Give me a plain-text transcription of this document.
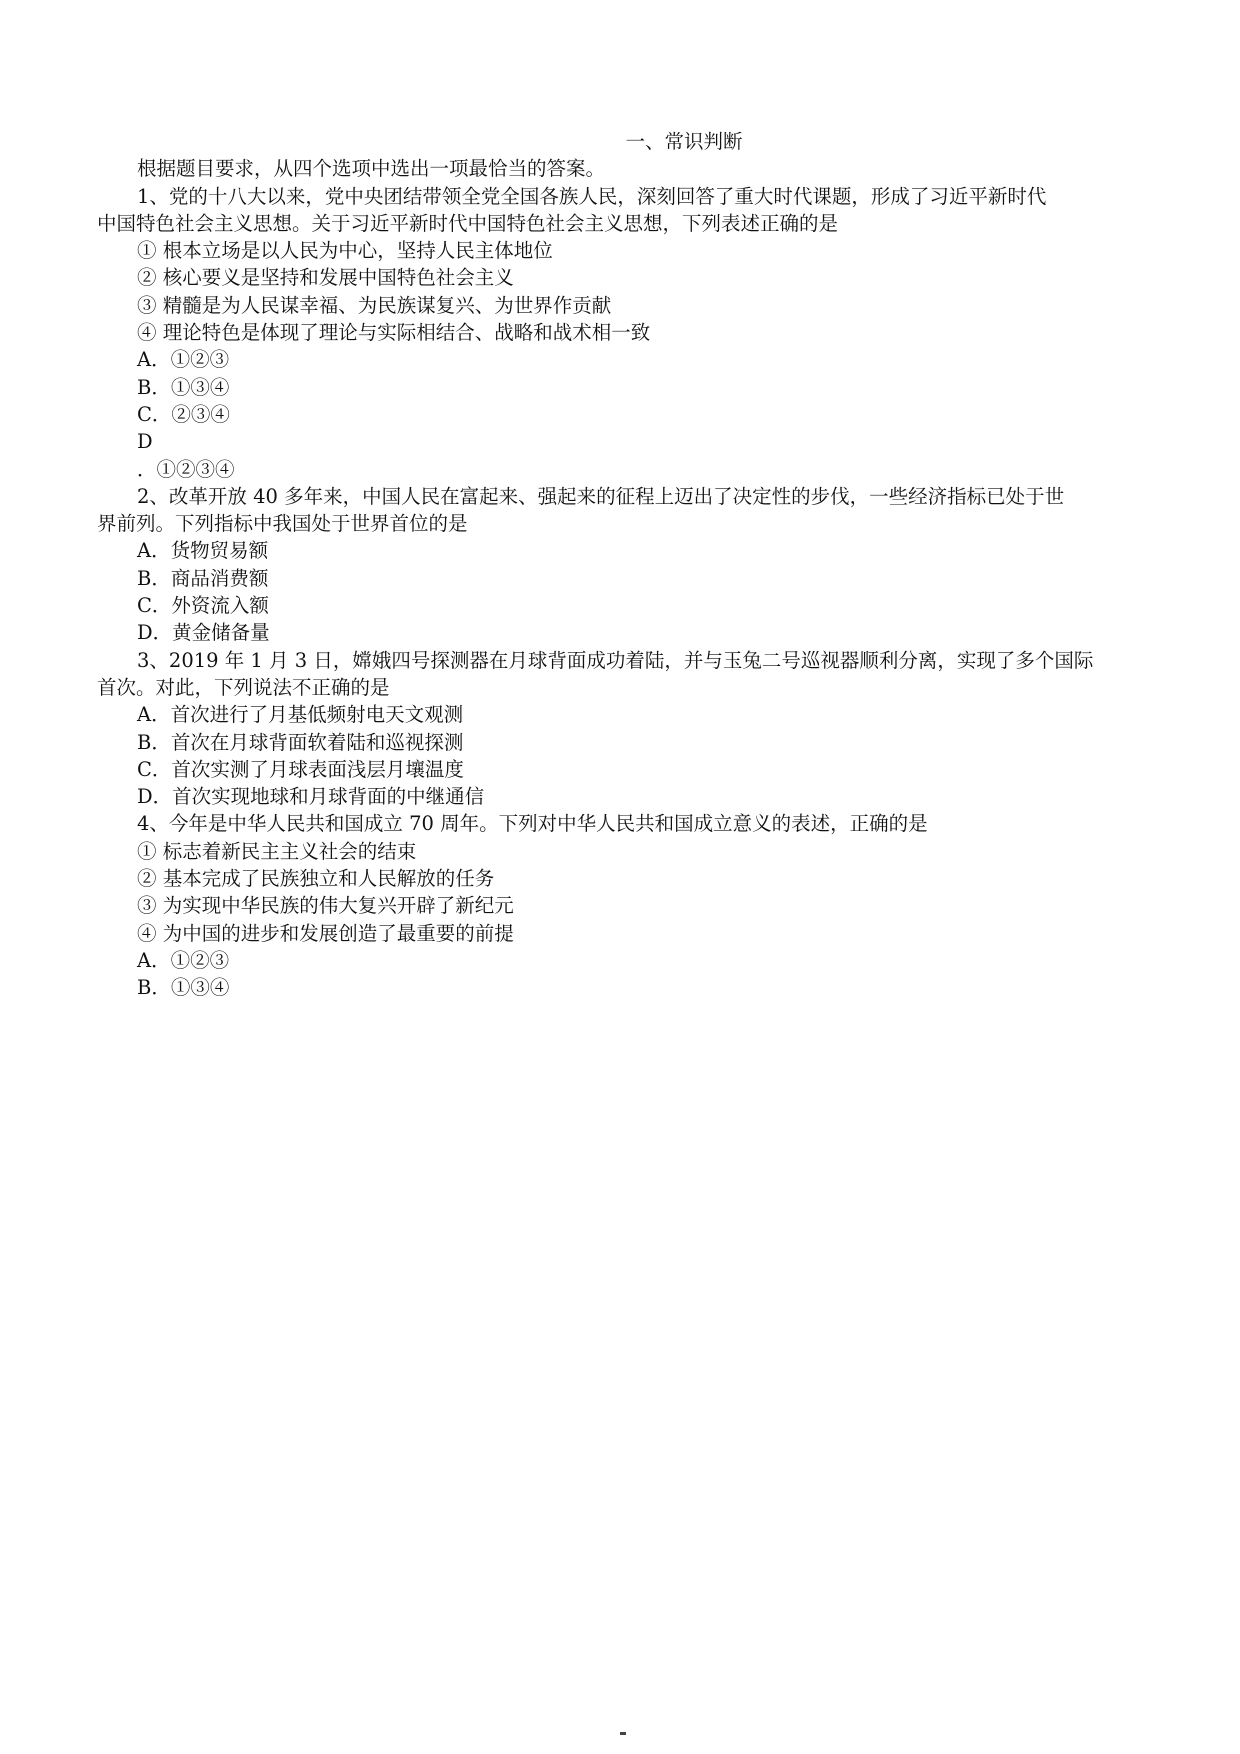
一、常识判断
根据题目要求，从四个选项中选出一项最恰当的答案。
1、党的十八大以来，党中央团结带领全党全国各族人民，深刻回答了重大时代课题，形成了习近平新时代
中国特色社会主义思想。关于习近平新时代中国特色社会主义思想，下列表述正确的是
① 根本立场是以人民为中心，坚持人民主体地位
② 核心要义是坚持和发展中国特色社会主义
③ 精髓是为人民谋幸福、为民族谋复兴、为世界作贡献
④ 理论特色是体现了理论与实际相结合、战略和战术相一致
A．①②③
B．①③④
C．②③④
D
．①②③④
2、改革开放 40 多年来，中国人民在富起来、强起来的征程上迈出了决定性的步伐，一些经济指标已处于世
界前列。下列指标中我国处于世界首位的是
A．货物贸易额
B．商品消费额
C．外资流入额
D．黄金储备量
3、2019 年 1 月 3 日，嫦娥四号探测器在月球背面成功着陆，并与玉兔二号巡视器顺利分离，实现了多个国际
首次。对此，下列说法不正确的是
A．首次进行了月基低频射电天文观测
B．首次在月球背面软着陆和巡视探测
C．首次实测了月球表面浅层月壤温度
D．首次实现地球和月球背面的中继通信
4、今年是中华人民共和国成立 70 周年。下列对中华人民共和国成立意义的表述，正确的是
① 标志着新民主主义社会的结束
② 基本完成了民族独立和人民解放的任务
③ 为实现中华民族的伟大复兴开辟了新纪元
④ 为中国的进步和发展创造了最重要的前提
A．①②③
B．①③④
